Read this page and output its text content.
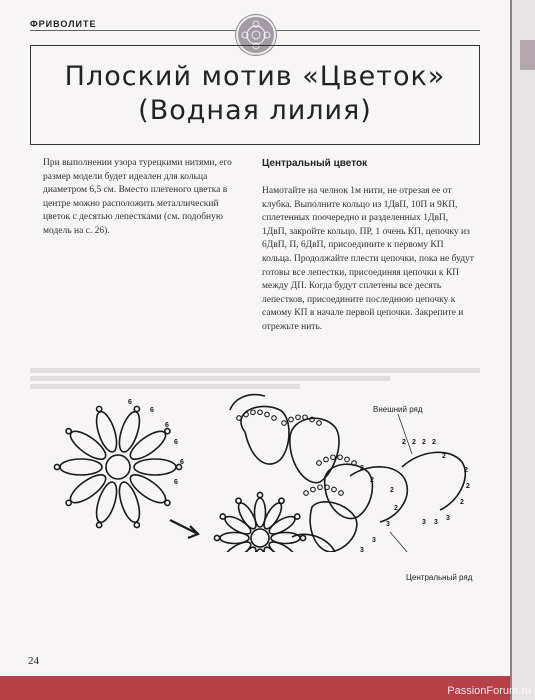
ФРИВОЛИТЕ
Плоский мотив «Цветок»
(Водная лилия)
При выполнении узора турецкими нитями, его размер модели будет идеален для кольца диаметром 6,5 см. Вместо плетеного цветка в центре можно расположить металлический цветок с десятью лепестками (см. подобную модель на с. 26).
Центральный цветок
Намотайте на челнок 1м нити, не отрезая ее от клубка. Выполните кольцо из 1ДвП, 10П и 9КП, сплетенных поочередно и разделенных 1ДвП, 1ДвП, закройте кольцо. ПР, 1 очень КП, цепочку из 6ДвП, П, 6ДвП, присоедините к первому КП кольца. Продолжайте плести цепочки, пока не будут готовы все лепестки, присоединяя цепочки к КП между ДП. Когда будут сплетены все десять лепестков, присоедините последнюю цепочку к самому КП в начале первой цепочки. Закрепите и отрежьте нить.
6
6
6
6
6
6
2 2 2 2
2
2
2
2
2
2
2
2
3 3
3
3
3
3
Внешний ряд
Центральный ряд
24
PassionForum.ru
